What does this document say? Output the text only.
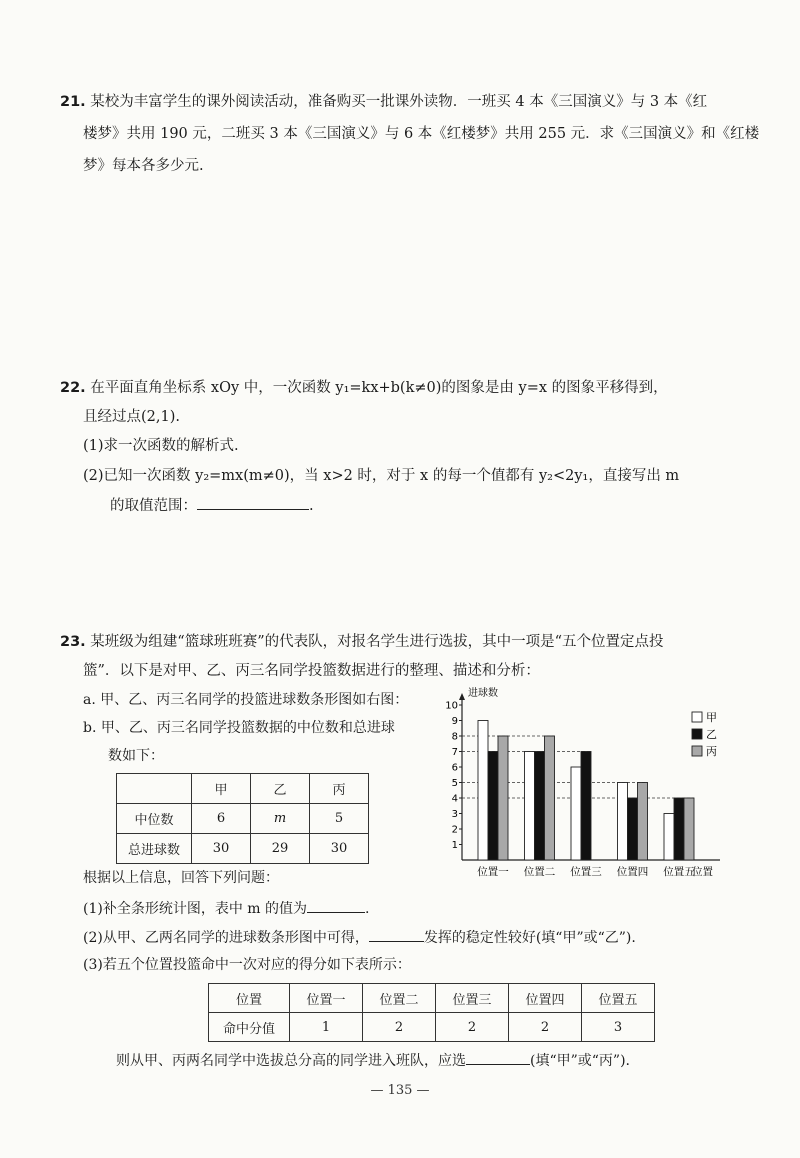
21. 某校为丰富学生的课外阅读活动，准备购买一批课外读物．一班买 4 本《三国演义》与 3 本《红
楼梦》共用 190 元，二班买 3 本《三国演义》与 6 本《红楼梦》共用 255 元．求《三国演义》和《红楼
梦》每本各多少元.
22. 在平面直角坐标系 xOy 中，一次函数 y₁=kx+b(k≠0)的图象是由 y=x 的图象平移得到，
且经过点(2,1).
(1)求一次函数的解析式.
(2)已知一次函数 y₂=mx(m≠0)，当 x>2 时，对于 x 的每一个值都有 y₂<2y₁，直接写出 m
的取值范围：	.
23. 某班级为组建“篮球班班赛”的代表队，对报名学生进行选拔，其中一项是“五个位置定点投
篮”．以下是对甲、乙、丙三名同学投篮数据进行的整理、描述和分析：
a. 甲、乙、丙三名同学的投篮进球数条形图如右图：
b. 甲、乙、丙三名同学投篮数据的中位数和总进球
数如下：
	甲	乙	丙
中位数	6	m	5
总进球数	30	29	30
进球数
1
2
3
4
5
6
7
8
9
10
位置一 位置二 位置三 位置四 位置五
位置
甲
乙
丙
根据以上信息，回答下列问题：
(1)补全条形统计图，表中 m 的值为	.
(2)从甲、乙两名同学的进球数条形图中可得，	发挥的稳定性较好(填“甲”或“乙”).
(3)若五个位置投篮命中一次对应的得分如下表所示：
位置	位置一	位置二	位置三	位置四	位置五
命中分值	1	2	2	2	3
则从甲、丙两名同学中选拔总分高的同学进入班队，应选	(填“甲”或“丙”).
— 135 —
